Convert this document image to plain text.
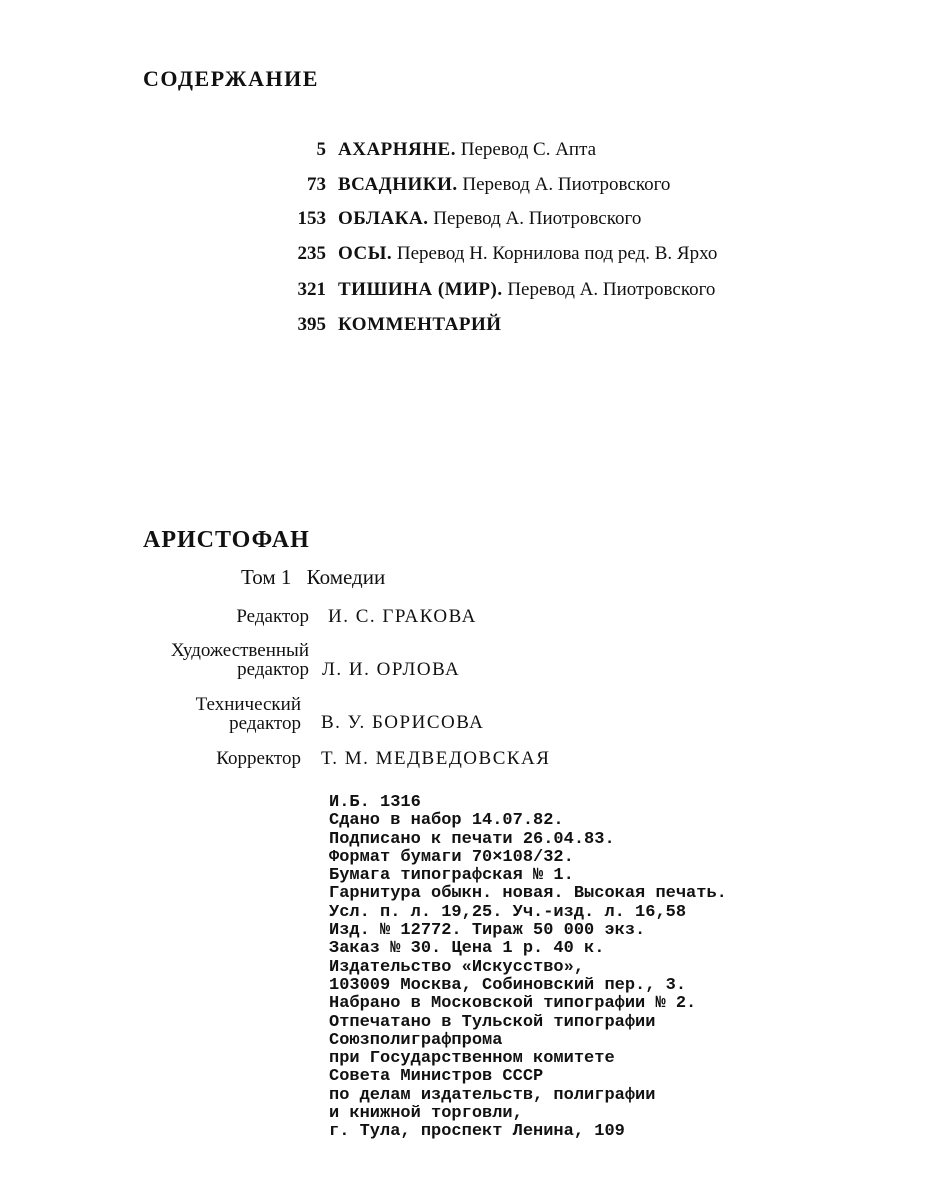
СОДЕРЖАНИЕ
5 АХАРНЯНЕ. Перевод С. Апта
73 ВСАДНИКИ. Перевод А. Пиотровского
153 ОБЛАКА. Перевод А. Пиотровского
235 ОСЫ. Перевод Н. Корнилова под ред. В. Ярхо
321 ТИШИНА (МИР). Перевод А. Пиотровского
395 КОММЕНТАРИЙ
АРИСТОФАН
Том 1 Комедии
Редактор И. С. ГРАКОВА
Художественный
редактор Л. И. ОРЛОВА
Технический
редактор В. У. БОРИСОВА
Корректор Т. М. МЕДВЕДОВСКАЯ
И.Б. 1316
Сдано в набор 14.07.82.
Подписано к печати 26.04.83.
Формат бумаги 70×108/32.
Бумага типографская № 1.
Гарнитура обыкн. новая. Высокая печать.
Усл. п. л. 19,25. Уч.-изд. л. 16,58
Изд. № 12772. Тираж 50 000 экз.
Заказ № 30. Цена 1 р. 40 к.
Издательство «Искусство»,
103009 Москва, Собиновский пер., 3.
Набрано в Московской типографии № 2.
Отпечатано в Тульской типографии
Союзполиграфпрома
при Государственном комитете
Совета Министров СССР
по делам издательств, полиграфии
и книжной торговли,
г. Тула, проспект Ленина, 109
